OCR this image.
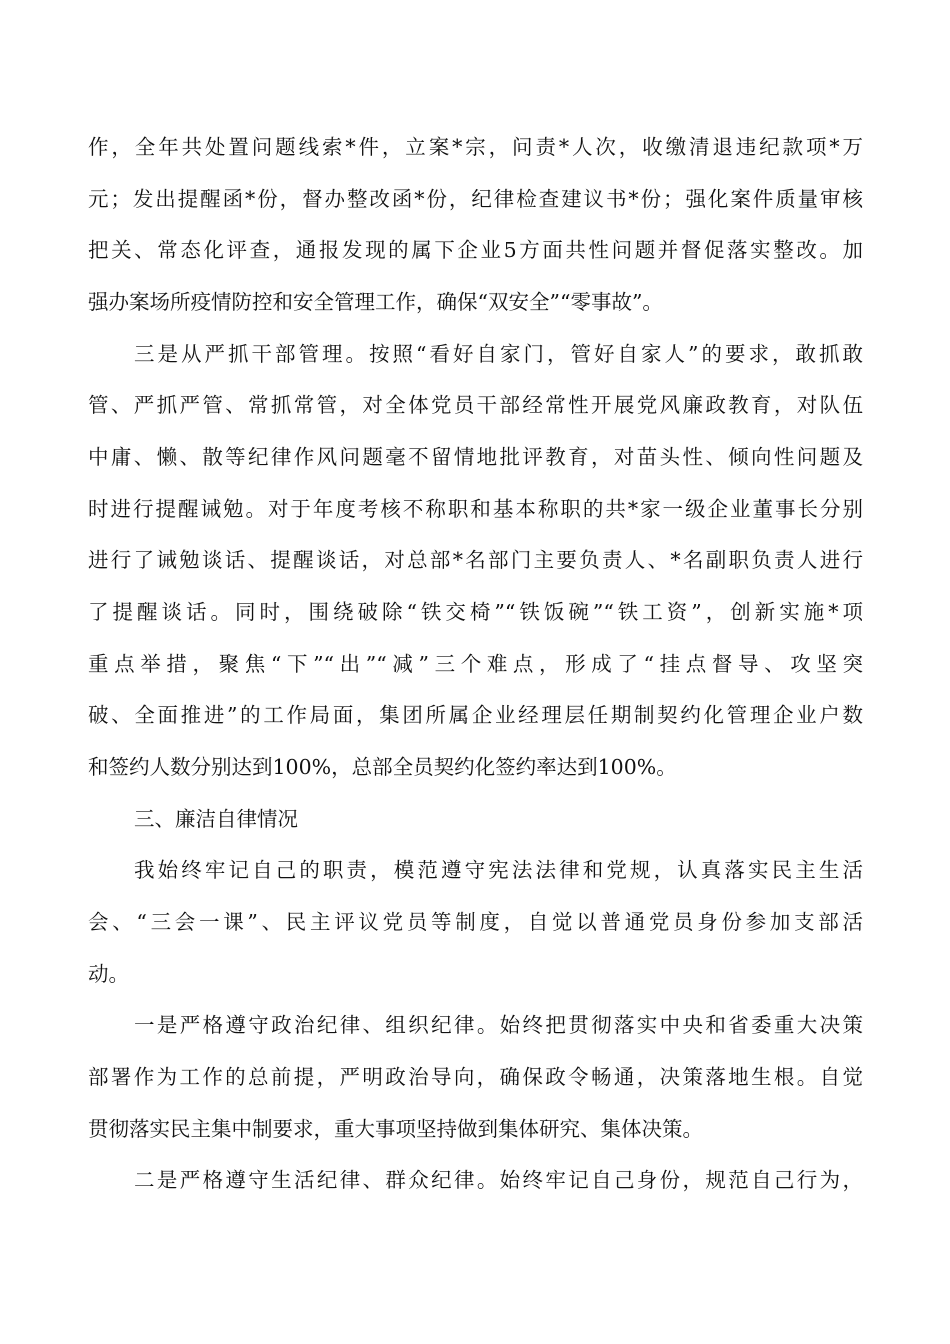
作，全年共处置问题线索*件，立案*宗，问责*人次，收缴清退违纪款项*万
元；发出提醒函*份，督办整改函*份，纪律检查建议书*份；强化案件质量审核
把关、常态化评查，通报发现的属下企业5方面共性问题并督促落实整改。加
强办案场所疫情防控和安全管理工作，确保“双安全”“零事故”。
三是从严抓干部管理。按照“看好自家门，管好自家人”的要求，敢抓敢
管、严抓严管、常抓常管，对全体党员干部经常性开展党风廉政教育，对队伍
中庸、懒、散等纪律作风问题毫不留情地批评教育，对苗头性、倾向性问题及
时进行提醒诫勉。对于年度考核不称职和基本称职的共*家一级企业董事长分别
进行了诫勉谈话、提醒谈话，对总部*名部门主要负责人、*名副职负责人进行
了提醒谈话。同时，围绕破除“铁交椅”“铁饭碗”“铁工资”，创新实施*项
重点举措，聚焦“下”“出”“减”三个难点，形成了“挂点督导、攻坚突
破、全面推进”的工作局面，集团所属企业经理层任期制契约化管理企业户数
和签约人数分别达到100%，总部全员契约化签约率达到100%。
三、廉洁自律情况
我始终牢记自己的职责，模范遵守宪法法律和党规，认真落实民主生活
会、“三会一课”、民主评议党员等制度，自觉以普通党员身份参加支部活
动。
一是严格遵守政治纪律、组织纪律。始终把贯彻落实中央和省委重大决策
部署作为工作的总前提，严明政治导向，确保政令畅通，决策落地生根。自觉
贯彻落实民主集中制要求，重大事项坚持做到集体研究、集体决策。
二是严格遵守生活纪律、群众纪律。始终牢记自己身份，规范自己行为，
